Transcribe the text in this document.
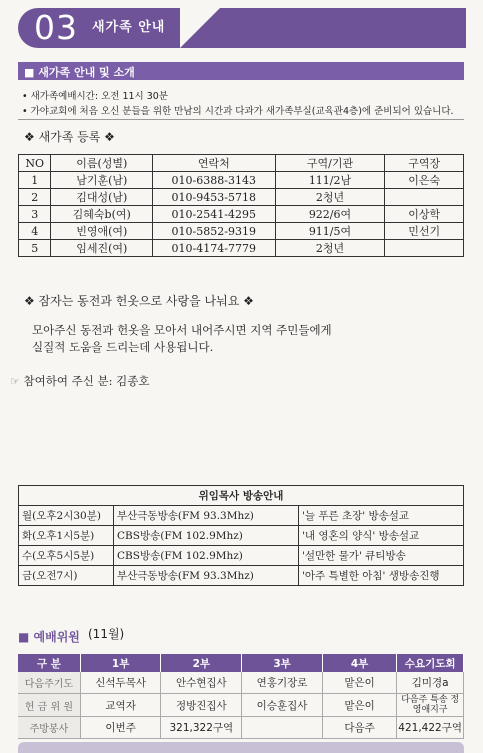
03 새가족 안내
■ 새가족 안내 및 소개
• 새가족예배시간: 오전 11시 30분
• 가야교회에 처음 오신 분들을 위한 만남의 시간과 다과가 새가족부실(교육관4층)에 준비되어 있습니다.
❖ 새가족 등록 ❖
NO	이름(성별)	연락처	구역/기관	구역장
1	남기훈(남)	010-6388-3143	111/2남	이은숙
2	김대성(남)	010-9453-5718	2청년	
3	김혜숙b(여)	010-2541-4295	922/6여	이상학
4	빈영애(여)	010-5852-9319	911/5여	민선기
5	임세진(여)	010-4174-7779	2청년	
❖ 잠자는 동전과 헌옷으로 사랑을 나눠요 ❖
모아주신 동전과 헌옷을 모아서 내어주시면 지역 주민들에게
실질적 도움을 드리는데 사용됩니다.
☞ 참여하여 주신 분: 김종호
위임목사 방송안내		
월(오후2시30분)	부산극동방송(FM 93.3Mhz)	'늘 푸른 초장' 방송설교
화(오후1시5분)	CBS방송(FM 102.9Mhz)	'내 영혼의 양식' 방송설교
수(오후5시5분)	CBS방송(FM 102.9Mhz)	'설만한 물가' 큐티방송
금(오전7시)	부산극동방송(FM 93.3Mhz)	'아주 특별한 아침' 생방송진행
■ 예배위원 (11월)
구 분	1부	2부	3부	4부	수요기도회
다음주기도	신석두목사	안수현집사	연홍기장로	맡은이	김미경a
헌 금 위 원	교역자	정방진집사	이승훈집사	맡은이	다음주 특송 정영애지구
주방봉사	이번주	321,322구역		다음주	421,422구역
